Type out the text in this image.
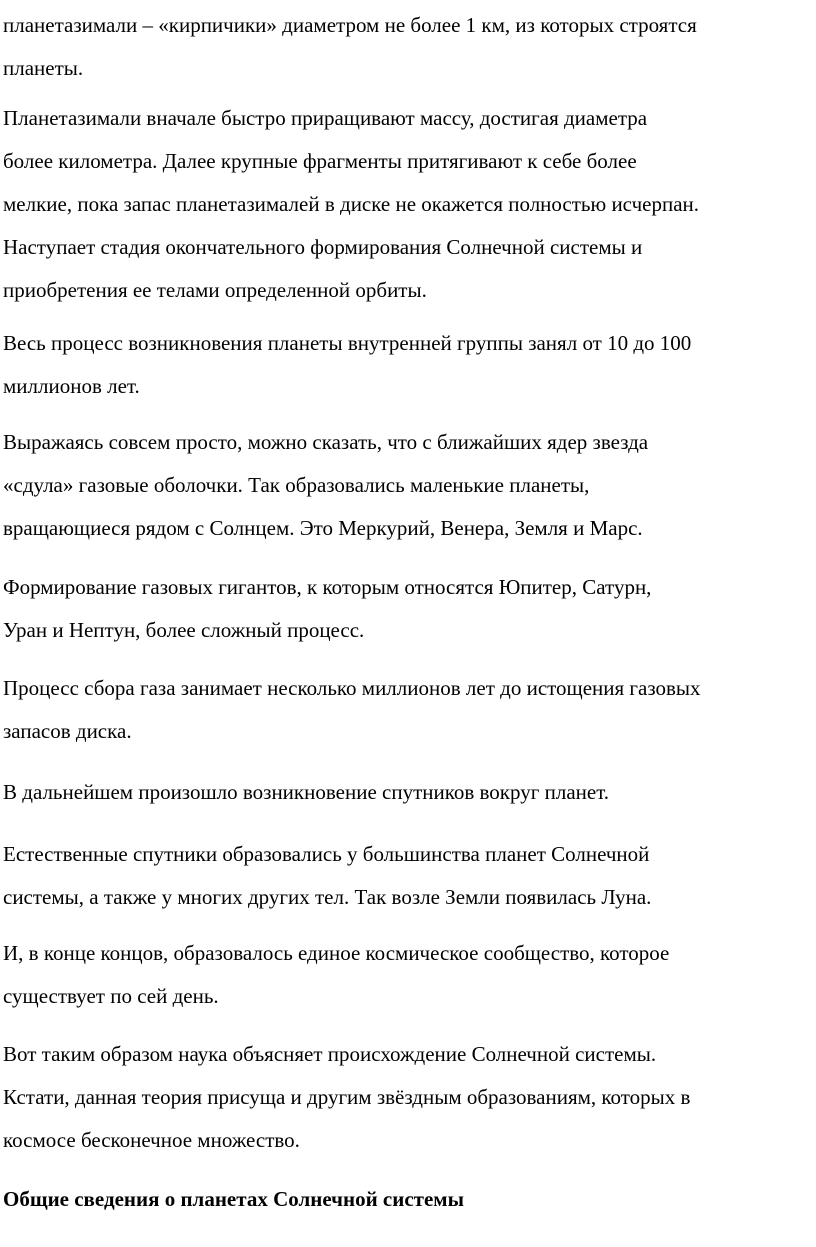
планетазимали – «кирпичики» диаметром не более 1 км, из которых строятся
планеты.
Планетазимали вначале быстро приращивают массу, достигая диаметра
более километра. Далее крупные фрагменты притягивают к себе более
мелкие, пока запас планетазималей в диске не окажется полностью исчерпан.
Наступает стадия окончательного формирования Солнечной системы и
приобретения ее телами определенной орбиты.
Весь процесс возникновения планеты внутренней группы занял от 10 до 100
миллионов лет.
Выражаясь совсем просто, можно сказать, что с ближайших ядер звезда
«сдула» газовые оболочки. Так образовались маленькие планеты,
вращающиеся рядом с Солнцем. Это Меркурий, Венера, Земля и Марс.
Формирование газовых гигантов, к которым относятся Юпитер, Сатурн,
Уран и Нептун, более сложный процесс.
Процесс сбора газа занимает несколько миллионов лет до истощения газовых
запасов диска.
В дальнейшем произошло возникновение спутников вокруг планет.
Естественные спутники образовались у большинства планет Солнечной
системы, а также у многих других тел. Так возле Земли появилась Луна.
И, в конце концов, образовалось единое космическое сообщество, которое
существует по сей день.
Вот таким образом наука объясняет происхождение Солнечной системы.
Кстати, данная теория присуща и другим звёздным образованиям, которых в
космосе бесконечное множество.
Общие сведения о планетах Солнечной системы
